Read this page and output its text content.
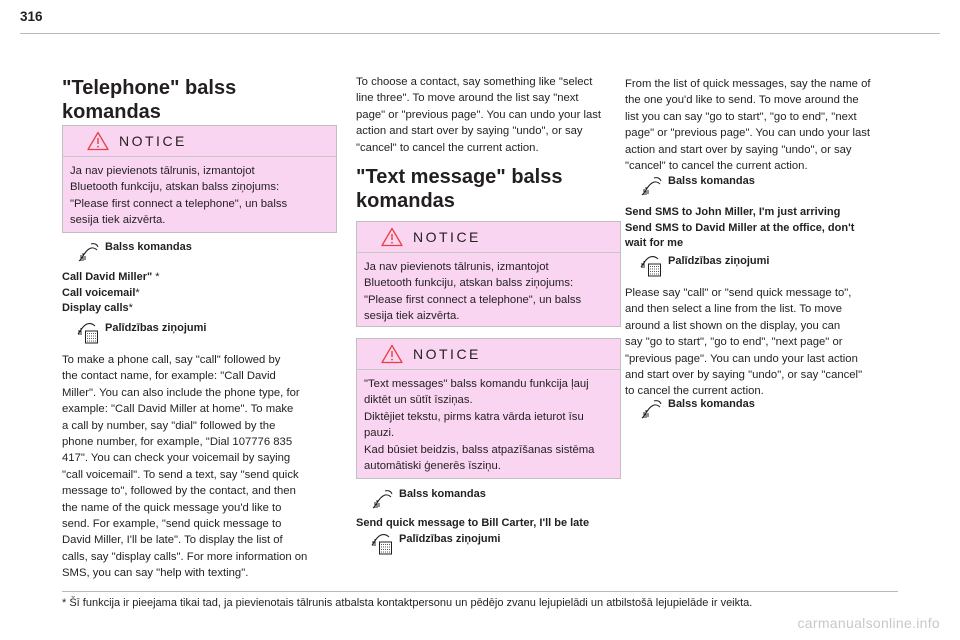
316
"Telephone" balss
komandas
NOTICE
Ja nav pievienots tālrunis, izmantojot
Bluetooth funkciju, atskan balss ziņojums:
"Please first connect a telephone", un balss
sesija tiek aizvērta.
Balss komandas
Call David Miller" *
Call voicemail*
Display calls*
Palīdzības ziņojumi
To make a phone call, say "call" followed by
the contact name, for example: "Call David
Miller". You can also include the phone type, for
example: "Call David Miller at home". To make
a call by number, say "dial" followed by the
phone number, for example, "Dial 107776 835
417". You can check your voicemail by saying
"call voicemail". To send a text, say "send quick
message to", followed by the contact, and then
the name of the quick message you'd like to
send. For example, "send quick message to
David Miller, I'll be late". To display the list of
calls, say "display calls". For more information on
SMS, you can say "help with texting".
To choose a contact, say something like "select
line three". To move around the list say "next
page" or "previous page". You can undo your last
action and start over by saying "undo", or say
"cancel" to cancel the current action.
"Text message" balss
komandas
NOTICE
Ja nav pievienots tālrunis, izmantojot
Bluetooth funkciju, atskan balss ziņojums:
"Please first connect a telephone", un balss
sesija tiek aizvērta.
NOTICE
"Text messages" balss komandu funkcija ļauj
diktēt un sūtīt īsziņas.
Diktējiet tekstu, pirms katra vārda ieturot īsu
pauzi.
Kad būsiet beidzis, balss atpazīšanas sistēma
automātiski ģenerēs īsziņu.
Balss komandas
Send quick message to Bill Carter, I'll be late
Palīdzības ziņojumi
From the list of quick messages, say the name of
the one you'd like to send. To move around the
list you can say "go to start", "go to end", "next
page" or "previous page". You can undo your last
action and start over by saying "undo", or say
"cancel" to cancel the current action.
Balss komandas
Send SMS to John Miller, I'm just arriving
Send SMS to David Miller at the office, don't
wait for me
Palīdzības ziņojumi
Please say "call" or "send quick message to",
and then select a line from the list. To move
around a list shown on the display, you can
say "go to start", "go to end", "next page" or
"previous page". You can undo your last action
and start over by saying "undo", or say "cancel"
to cancel the current action.
Balss komandas
* Šī funkcija ir pieejama tikai tad, ja pievienotais tālrunis atbalsta kontaktpersonu un pēdējo zvanu lejupielādi un atbilstošā lejupielāde ir veikta.
carmanualsonline.info
